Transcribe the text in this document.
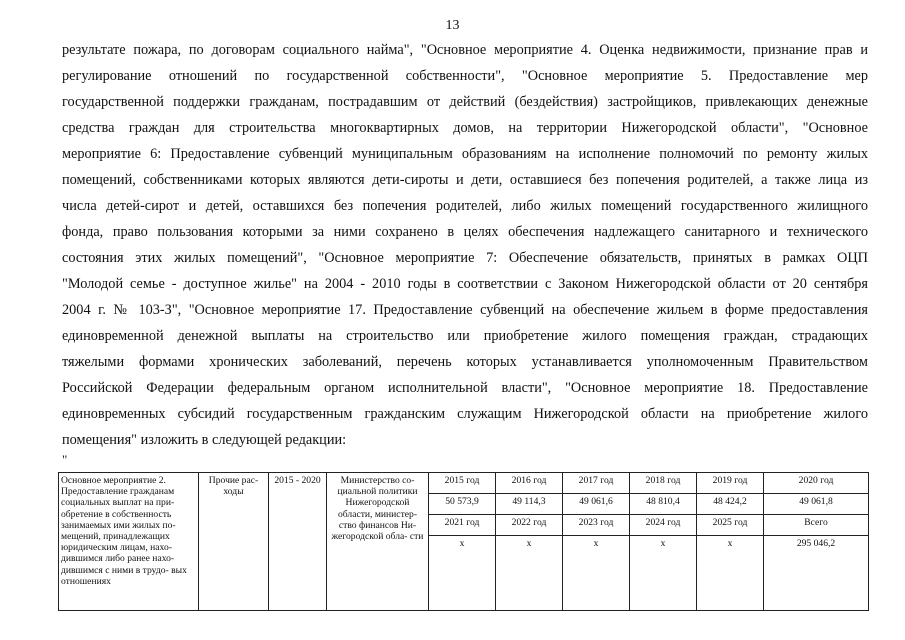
13
результате пожара, по договорам социального найма", "Основное мероприятие 4. Оценка недвижимости, признание прав и
регулирование отношений по государственной собственности", "Основное мероприятие 5. Предоставление мер
государственной поддержки гражданам, пострадавшим от действий (бездействия) застройщиков, привлекающих денежные
средства граждан для строительства многоквартирных домов, на территории Нижегородской области", "Основное
мероприятие 6: Предоставление субвенций муниципальным образованиям на исполнение полномочий по ремонту жилых
помещений, собственниками которых являются дети-сироты и дети, оставшиеся без попечения родителей, а также лица из
числа детей-сирот и детей, оставшихся без попечения родителей, либо жилых помещений государственного жилищного
фонда, право пользования которыми за ними сохранено в целях обеспечения надлежащего санитарного и технического
состояния этих жилых помещений", "Основное мероприятие 7: Обеспечение обязательств, принятых в рамках ОЦП
"Молодой семье - доступное жилье" на 2004 - 2010 годы в соответствии с Законом Нижегородской области от 20 сентября
2004 г. № 103-З", "Основное мероприятие 17. Предоставление субвенций на обеспечение жильем в форме предоставления
единовременной денежной выплаты на строительство или приобретение жилого помещения граждан, страдающих
тяжелыми формами хронических заболеваний, перечень которых устанавливается уполномоченным Правительством
Российской Федерации федеральным органом исполнительной власти", "Основное мероприятие 18. Предоставление
единовременных субсидий государственным гражданским служащим Нижегородской области на приобретение жилого
помещения" изложить в следующей редакции:
"
Основное мероприятие 2. Предоставление гражданам социальных выплат на при- обретение в собственность занимаемых ими жилых по- мещений, принадлежащих юридическим лицам, нахо- дившимся либо ранее нахо- дившимся с ними в трудо- вых отношениях	Прочие рас- ходы	2015 - 2020	Министерство со- циальной политики Нижегородской области, министер- ство финансов Ни- жегородской обла- сти	2015 год	2016 год	2017 год	2018 год	2019 год	2020 год
				50 573,9	49 114,3	49 061,6	48 810,4	48 424,2	49 061,8
				2021 год	2022 год	2023 год	2024 год	2025 год	Всего
				х	х	х	х	х	295 046,2
